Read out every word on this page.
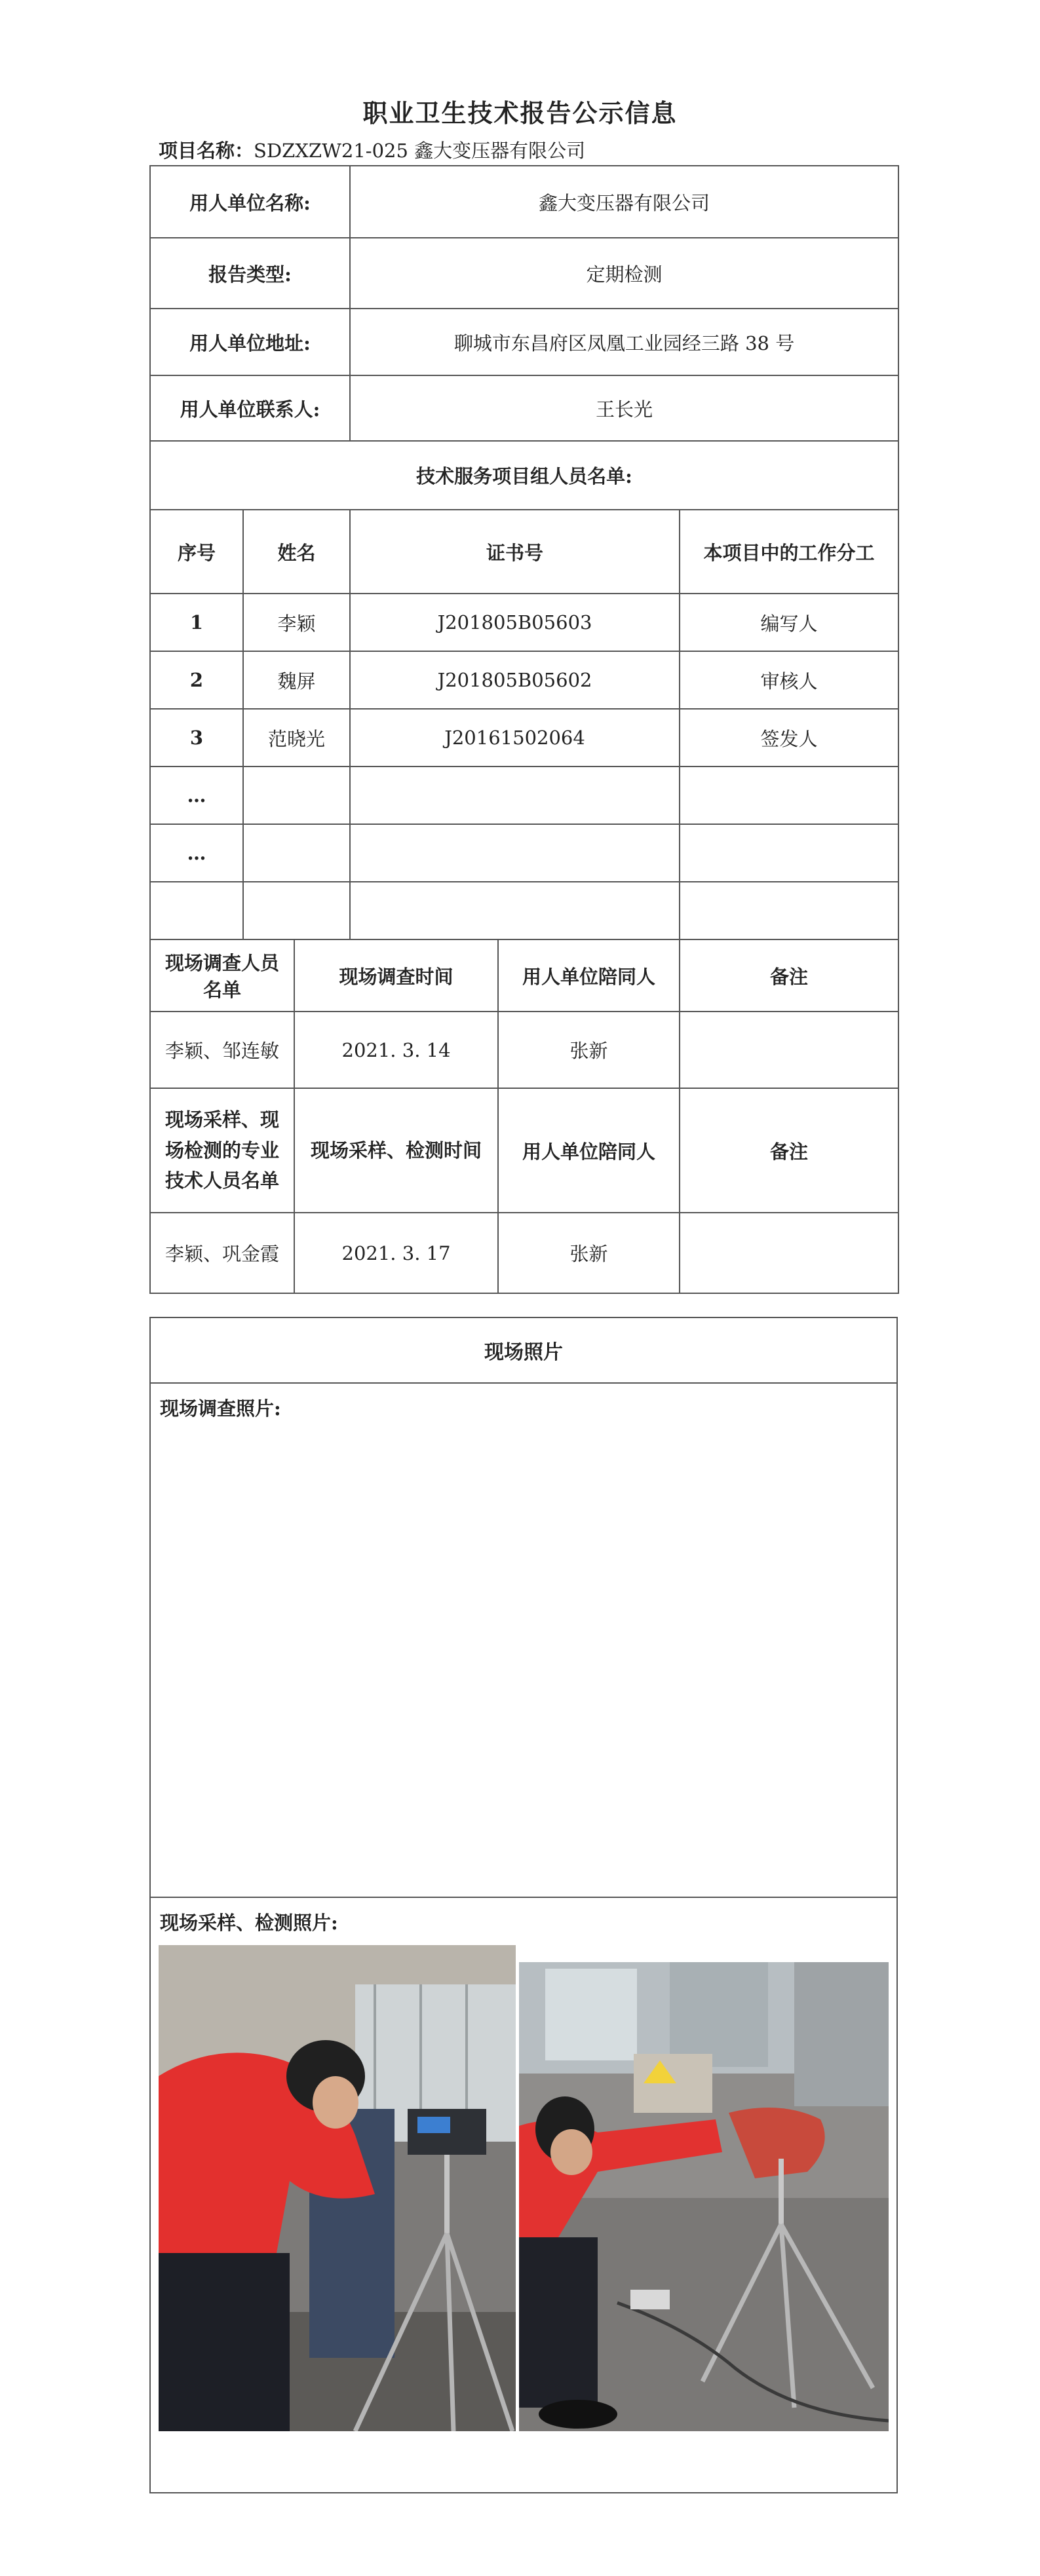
职业卫生技术报告公示信息
项目名称：SDZXZW21-025 鑫大变压器有限公司
用人单位名称:			鑫大变压器有限公司		
报告类型:			定期检测		
用人单位地址:			聊城市东昌府区凤凰工业园经三路 38 号		
用人单位联系人:			王长光		
技术服务项目组人员名单:					
序号	姓名		证书号		本项目中的工作分工
1	李颖		J201805B05603		编写人
2	魏屏		J201805B05602		审核人
3	范晓光		J20161502064		签发人
…					
…					

现场调查人员名单		现场调查时间		用人单位陪同人	备注
李颖、邹连敏		2021. 3. 14		张新	
现场采样、现场检测的专业技术人员名单		现场采样、检测时间		用人单位陪同人	备注
李颖、巩金霞		2021. 3. 17		张新	
现场照片
现场调查照片:
现场采样、检测照片:
